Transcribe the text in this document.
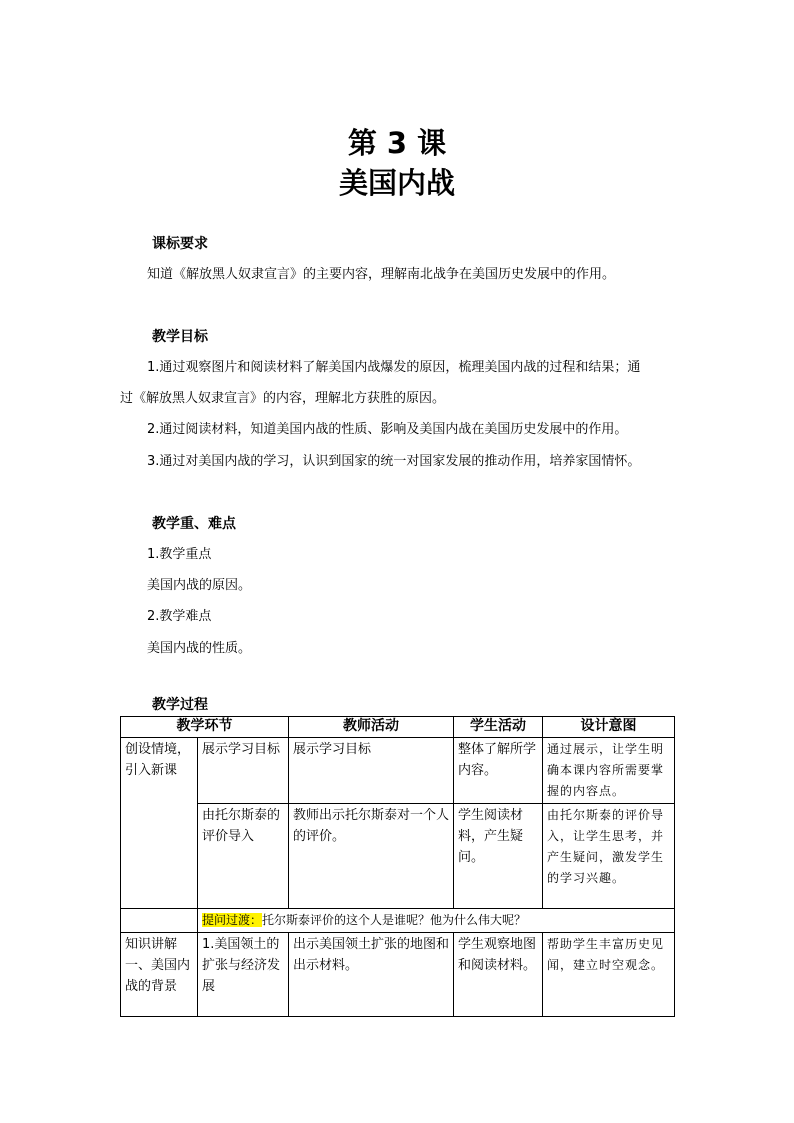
第 3 课
美国内战
课标要求
知道《解放黑人奴隶宣言》的主要内容，理解南北战争在美国历史发展中的作用。
教学目标
1.通过观察图片和阅读材料了解美国内战爆发的原因，梳理美国内战的过程和结果；通
过《解放黑人奴隶宣言》的内容，理解北方获胜的原因。
2.通过阅读材料，知道美国内战的性质、影响及美国内战在美国历史发展中的作用。
3.通过对美国内战的学习，认识到国家的统一对国家发展的推动作用，培养家国情怀。
教学重、难点
1.教学重点
美国内战的原因。
2.教学难点
美国内战的性质。
教学过程
教学环节		教师活动	学生活动	设计意图
创设情境，引入新课	展示学习目标	展示学习目标	整体了解所学内容。	通过展示，让学生明确本课内容所需要掌握的内容点。
	由托尔斯泰的评价导入	教师出示托尔斯泰对一个人的评价。	学生阅读材料，产生疑问。	由托尔斯泰的评价导入，让学生思考，并产生疑问，激发学生的学习兴趣。
	提问过渡：托尔斯泰评价的这个人是谁呢？他为什么伟大呢？			
知识讲解一、美国内战的背景	1.美国领土的扩张与经济发展	出示美国领土扩张的地图和出示材料。	学生观察地图和阅读材料。	帮助学生丰富历史见闻，建立时空观念。
